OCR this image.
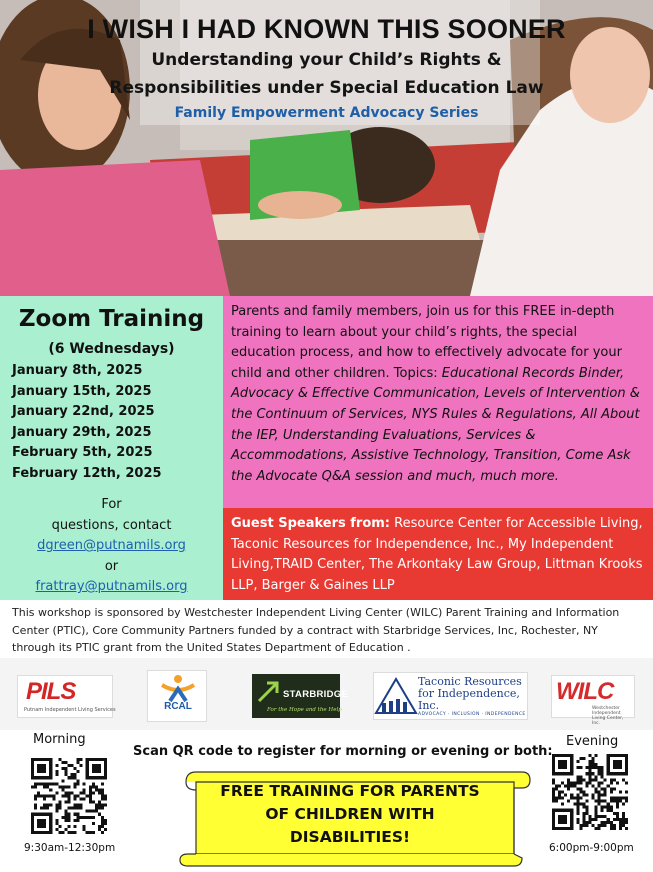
I WISH I HAD KNOWN THIS SOONER
Understanding your Child’s Rights &
Responsibilities under Special Education Law
Family Empowerment Advocacy Series
Zoom Training
(6 Wednesdays)
January 8th, 2025
January 15th, 2025
January 22nd, 2025
January 29th, 2025
February 5th, 2025
February 12th, 2025
For
questions, contact
dgreen@putnamils.org
or
frattray@putnamils.org

Parents and family members, join us for this FREE in-depth training to learn about your child’s rights, the special education process, and how to effectively advocate for your child and other children. Topics: Educational Records Binder, Advocacy & Effective Communication, Levels of Intervention & the Continuum of Services, NYS Rules & Regulations, All About the IEP, Understanding Evaluations, Services & Accommodations, Assistive Technology, Transition, Come Ask the Advocate Q&A session and much, much more.

Guest Speakers from: Resource Center for Accessible Living, Taconic Resources for Independence, Inc., My Independent Living,TRAID Center, The Arkontaky Law Group, Littman Krooks LLP, Barger & Gaines LLP

This workshop is sponsored by Westchester Independent Living Center (WILC) Parent Training and Information Center (PTIC), Core Community Partners funded by a contract with Starbridge Services, Inc, Rochester, NY through its PTIC grant from the United States Department of Education .

PILS
Putnam Independent Living Services	RCAL
STARBRIDGE
For the Hope and the Help
Taconic Resources for Independence, Inc.
ADVOCACY · INCLUSION · INDEPENDENCE
WILC
Westchester Independent Living Center, Inc.
Morning	Evening
9:30am-12:30pm	6:00pm-9:00pm
Scan QR code to register for morning or evening or both:
FREE TRAINING FOR PARENTS
OF CHILDREN WITH
DISABILITIES!
